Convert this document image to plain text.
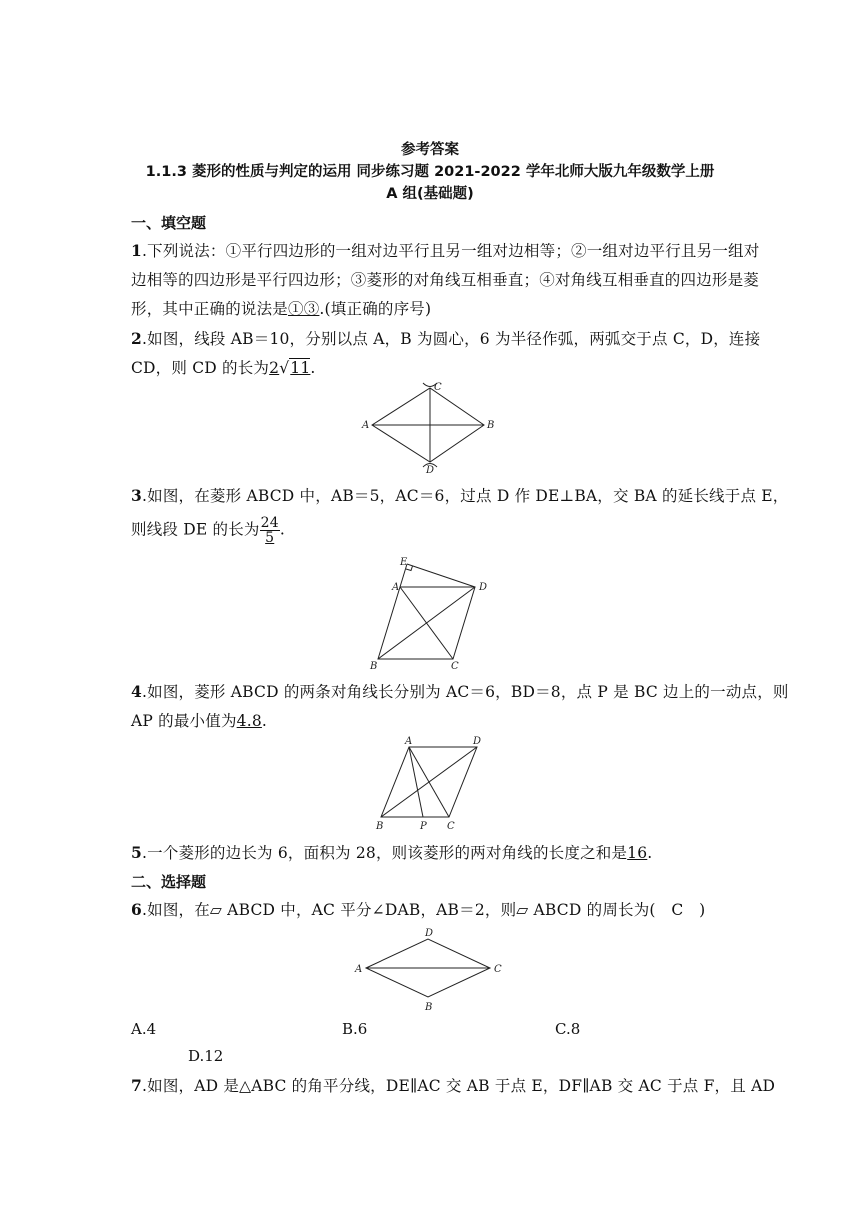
参考答案
1.1.3 菱形的性质与判定的运用 同步练习题 2021-2022 学年北师大版九年级数学上册
A 组(基础题)
一、填空题
1.下列说法：①平行四边形的一组对边平行且另一组对边相等；②一组对边平行且另一组对
边相等的四边形是平行四边形；③菱形的对角线互相垂直；④对角线互相垂直的四边形是菱
形，其中正确的说法是①③.(填正确的序号)
2.如图，线段 AB＝10，分别以点 A，B 为圆心，6 为半径作弧，两弧交于点 C，D，连接
CD，则 CD 的长为2√11.
A	B
C
D
3.如图，在菱形 ABCD 中，AB＝5，AC＝6，过点 D 作 DE⊥BA，交 BA 的延长线于点 E，
则线段 DE 的长为 $\frac{24}{5}$ .
E
A	D
B	C
4.如图，菱形 ABCD 的两条对角线长分别为 AC＝6，BD＝8，点 P 是 BC 边上的一动点，则
AP 的最小值为4.8.
A	D
B	P C
5.一个菱形的边长为 6，面积为 28，则该菱形的两对角线的长度之和是16.
二、选择题
6.如图，在▱ ABCD 中，AC 平分∠DAB，AB＝2，则▱ ABCD 的周长为(　C　)
D
A	C
B
A.4	B.6	C.8
D.12
7.如图，AD 是△ABC 的角平分线，DE∥AC 交 AB 于点 E，DF∥AB 交 AC 于点 F，且 AD
